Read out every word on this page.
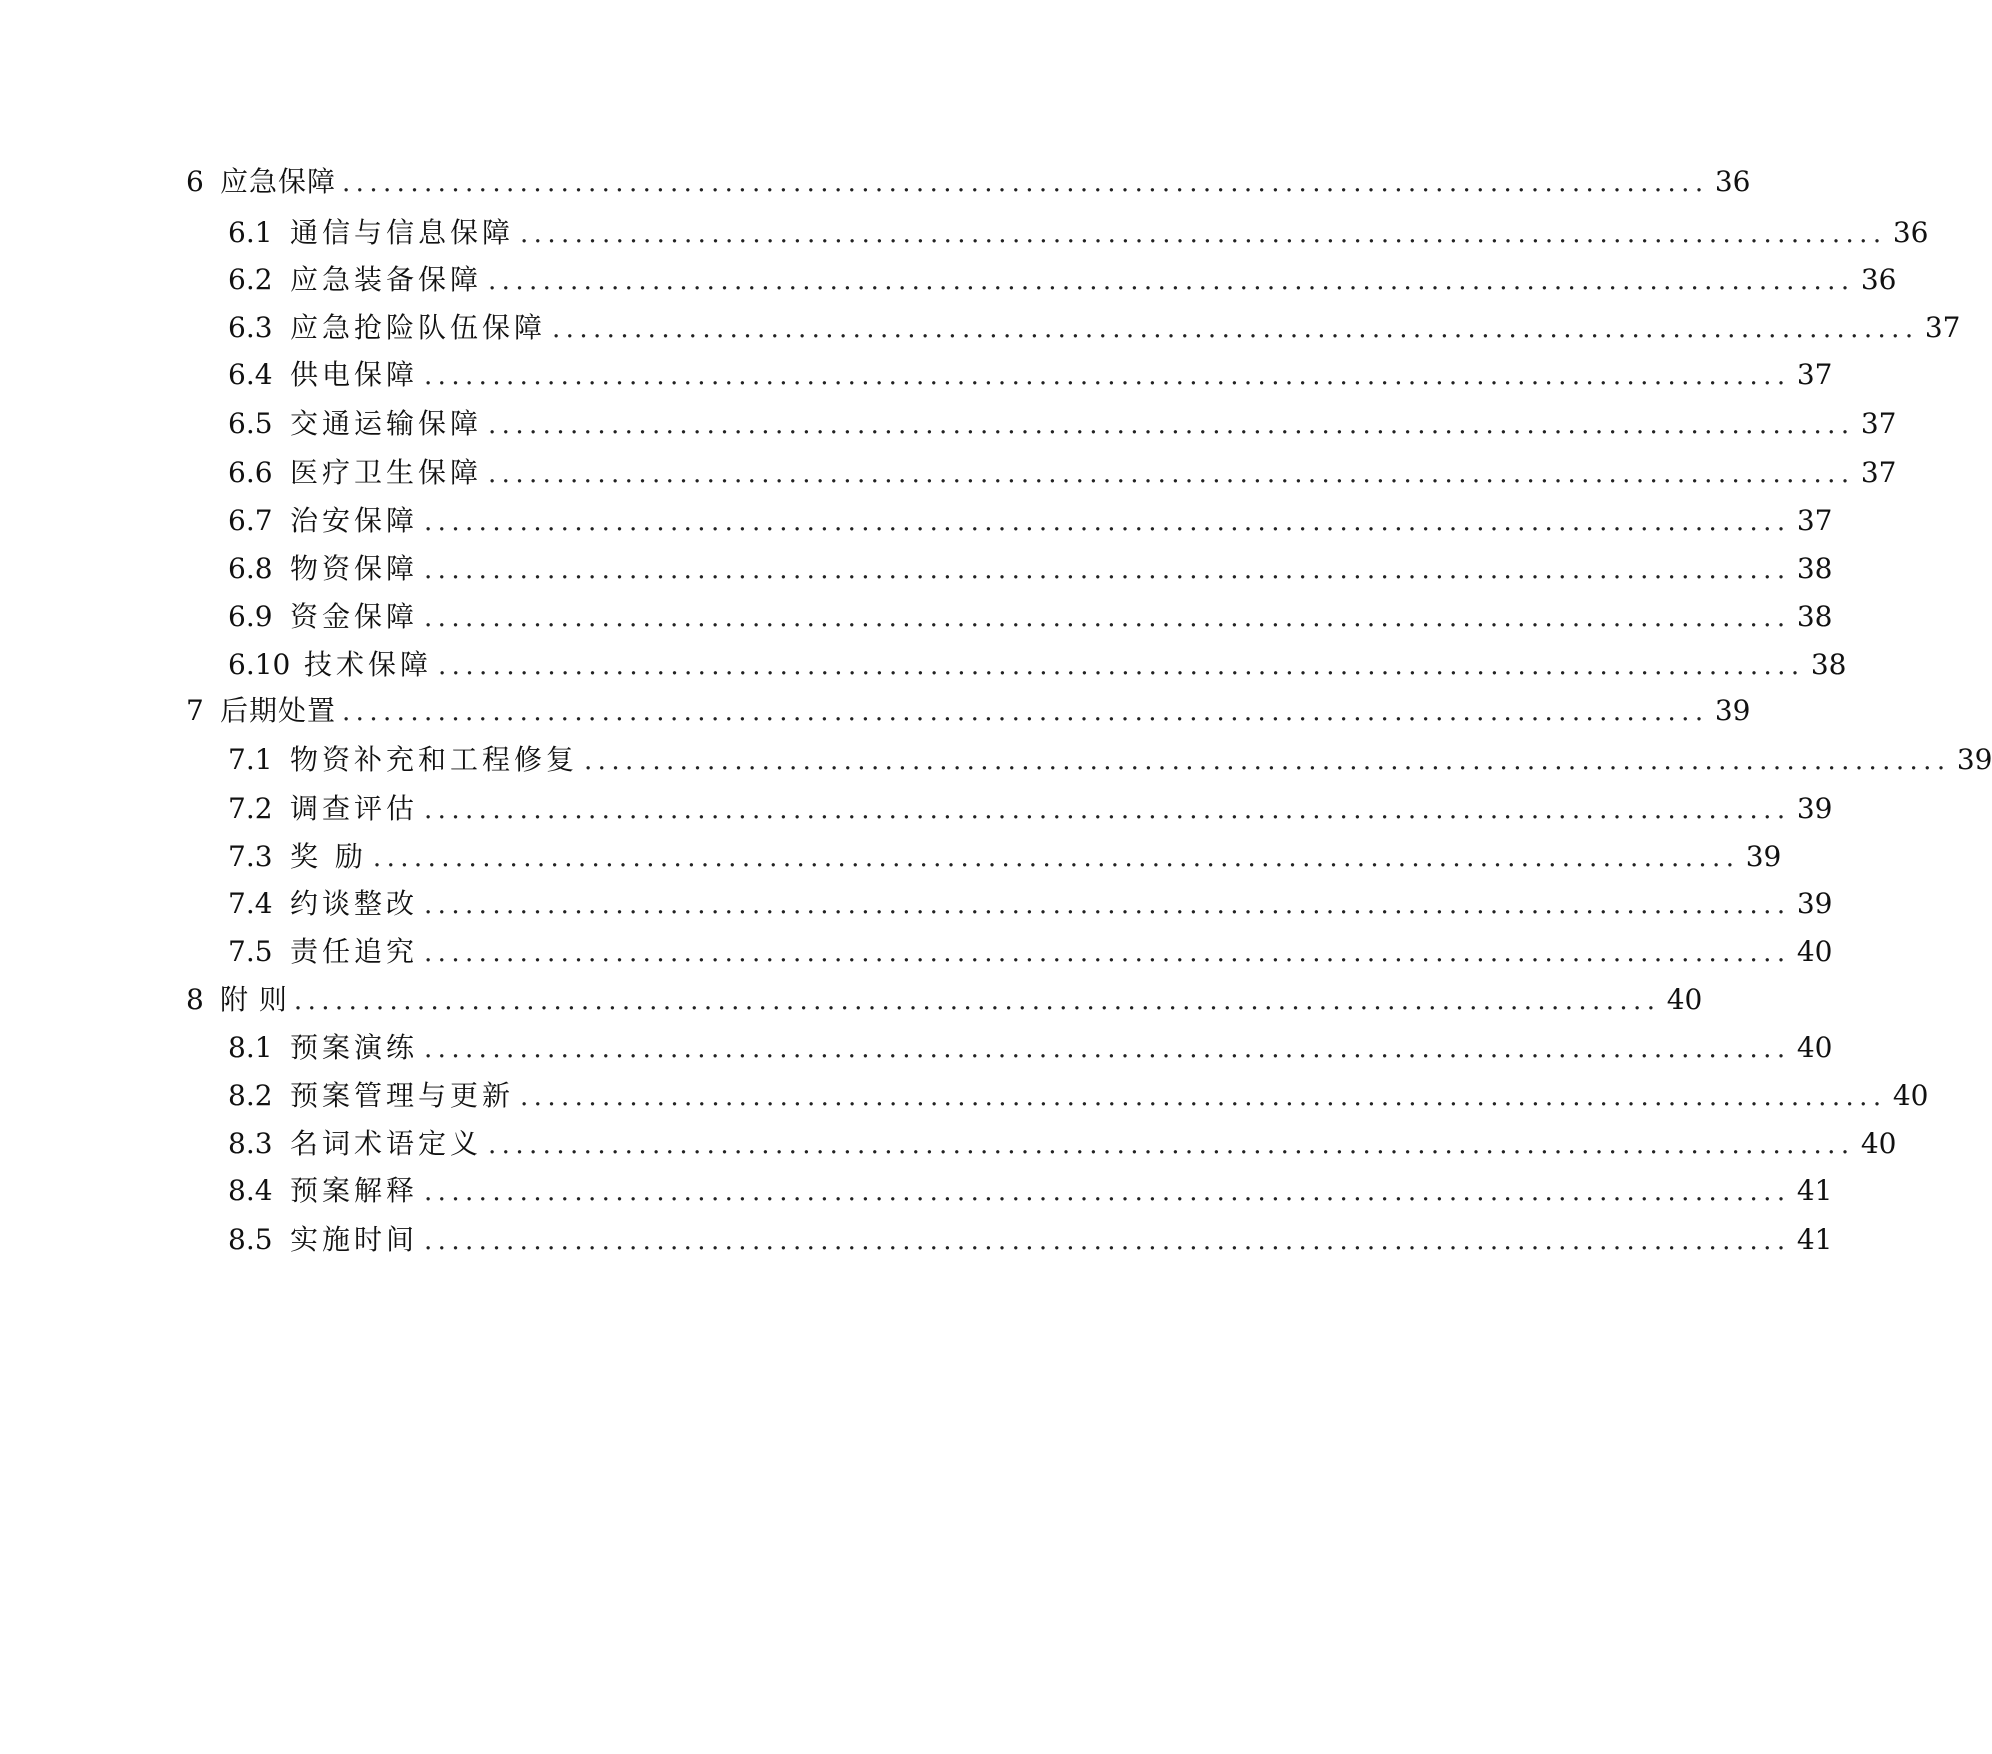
6 应急保障 .................................................................................................... 36
6.1 通信与信息保障 .................................................................................................... 36
6.2 应急装备保障 .................................................................................................... 36
6.3 应急抢险队伍保障 .................................................................................................... 37
6.4 供电保障 .................................................................................................... 37
6.5 交通运输保障 .................................................................................................... 37
6.6 医疗卫生保障 .................................................................................................... 37
6.7 治安保障 .................................................................................................... 37
6.8 物资保障 .................................................................................................... 38
6.9 资金保障 .................................................................................................... 38
6.10 技术保障 .................................................................................................... 38
7 后期处置 .................................................................................................... 39
7.1 物资补充和工程修复 .................................................................................................... 39
7.2 调查评估 .................................................................................................... 39
7.3 奖 励 .................................................................................................... 39
7.4 约谈整改 .................................................................................................... 39
7.5 责任追究 .................................................................................................... 40
8 附 则 .................................................................................................... 40
8.1 预案演练 .................................................................................................... 40
8.2 预案管理与更新 .................................................................................................... 40
8.3 名词术语定义 .................................................................................................... 40
8.4 预案解释 .................................................................................................... 41
8.5 实施时间 .................................................................................................... 41
